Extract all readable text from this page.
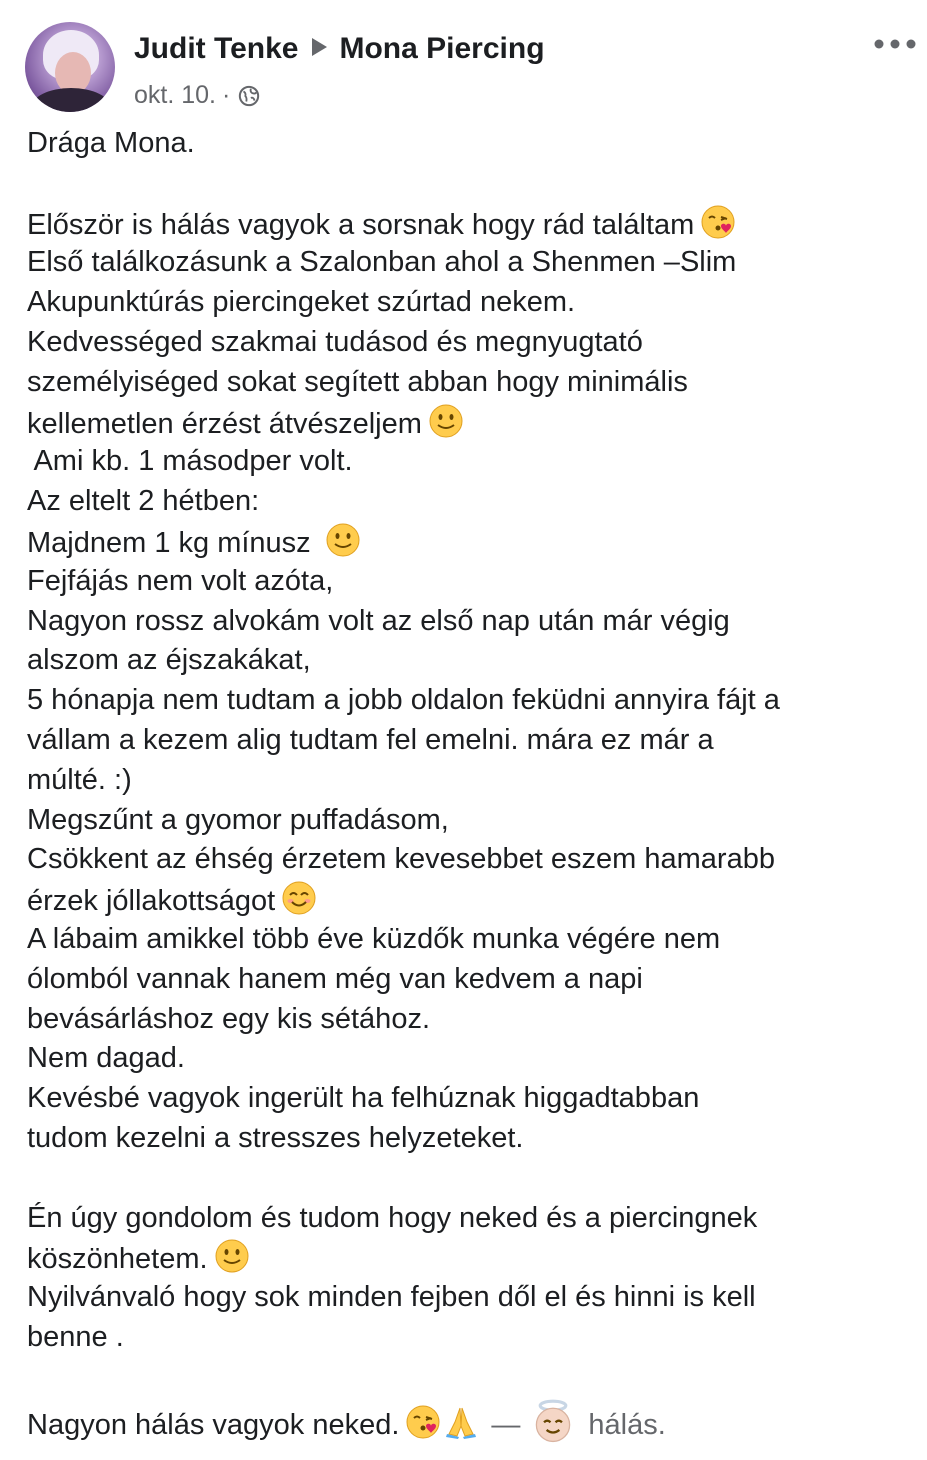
Judit Tenke Mona Piercing
okt. 10. ·
Drága Mona.
Először is hálás vagyok a sorsnak hogy rád találtam
Első találkozásunk a Szalonban ahol a Shenmen –Slim
Akupunktúrás piercingeket szúrtad nekem.
Kedvességed szakmai tudásod és megnyugtató
személyiséged sokat segített abban hogy minimális
kellemetlen érzést átvészeljem
Ami kb. 1 másodper volt.
Az eltelt 2 hétben:
Majdnem 1 kg mínusz
Fejfájás nem volt azóta,
Nagyon rossz alvokám volt az első nap után már végig
alszom az éjszakákat,
5 hónapja nem tudtam a jobb oldalon feküdni annyira fájt a
vállam a kezem alig tudtam fel emelni. mára ez már a
múlté. :)
Megszűnt a gyomor puffadásom,
Csökkent az éhség érzetem kevesebbet eszem hamarabb
érzek jóllakottságot
A lábaim amikkel több éve küzdők munka végére nem
ólomból vannak hanem még van kedvem a napi
bevásárláshoz egy kis sétához.
Nem dagad.
Kevésbé vagyok ingerült ha felhúznak higgadtabban
tudom kezelni a stresszes helyzeteket.
Én úgy gondolom és tudom hogy neked és a piercingnek
köszönhetem.
Nyilvánvaló hogy sok minden fejben dől el és hinni is kell
benne .
Nagyon hálás vagyok neked.	— hálás.
